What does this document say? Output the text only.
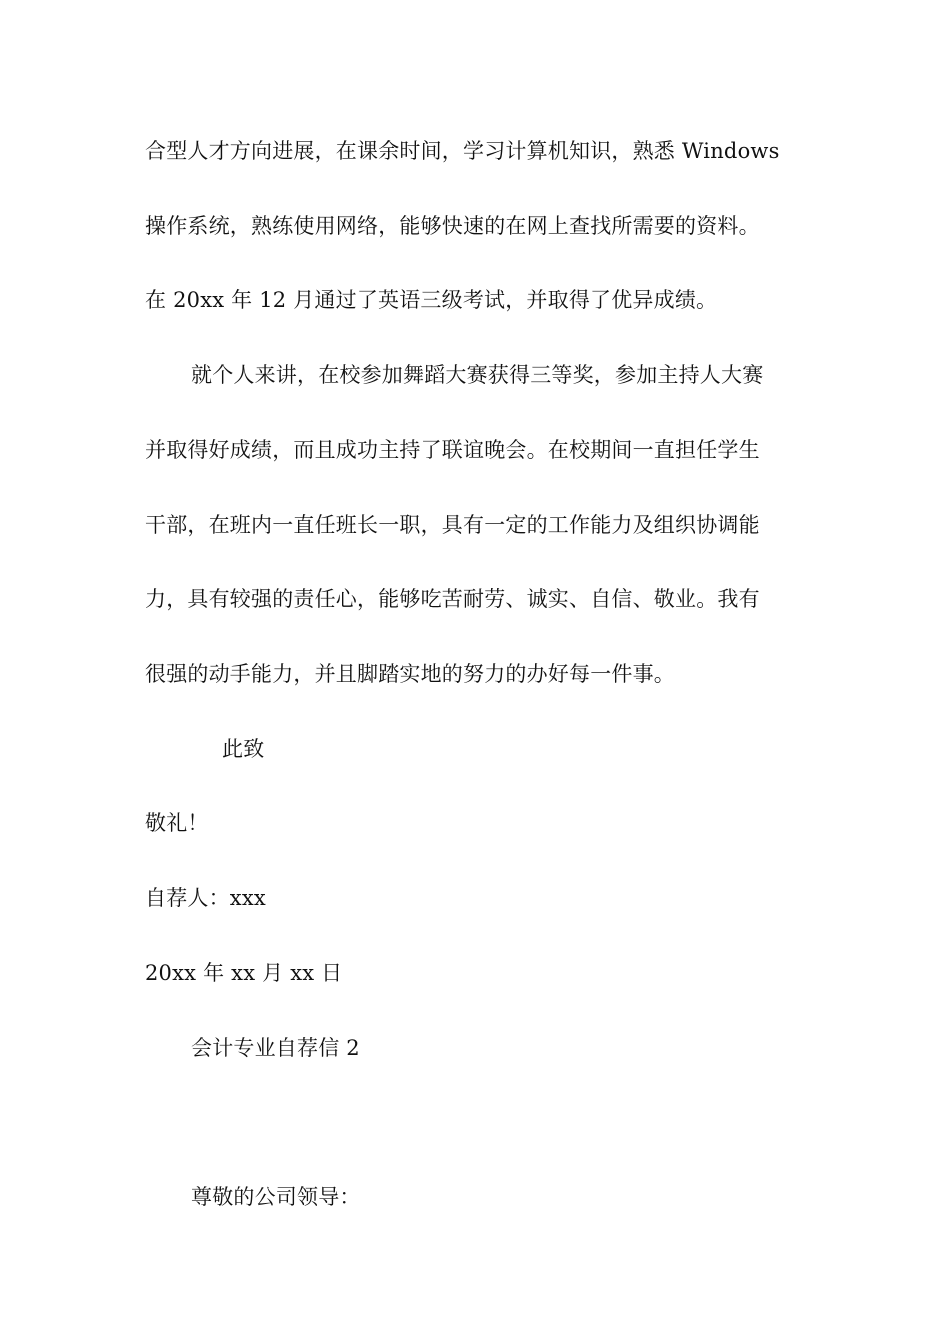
合型人才方向进展，在课余时间，学习计算机知识，熟悉 Windows
操作系统，熟练使用网络，能够快速的在网上查找所需要的资料。
在 20xx 年 12 月通过了英语三级考试，并取得了优异成绩。
就个人来讲，在校参加舞蹈大赛获得三等奖，参加主持人大赛
并取得好成绩，而且成功主持了联谊晚会。在校期间一直担任学生
干部，在班内一直任班长一职，具有一定的工作能力及组织协调能
力，具有较强的责任心，能够吃苦耐劳、诚实、自信、敬业。我有
很强的动手能力，并且脚踏实地的努力的办好每一件事。
此致
敬礼！
自荐人：xxx
20xx 年 xx 月 xx 日
会计专业自荐信 2
尊敬的公司领导：
